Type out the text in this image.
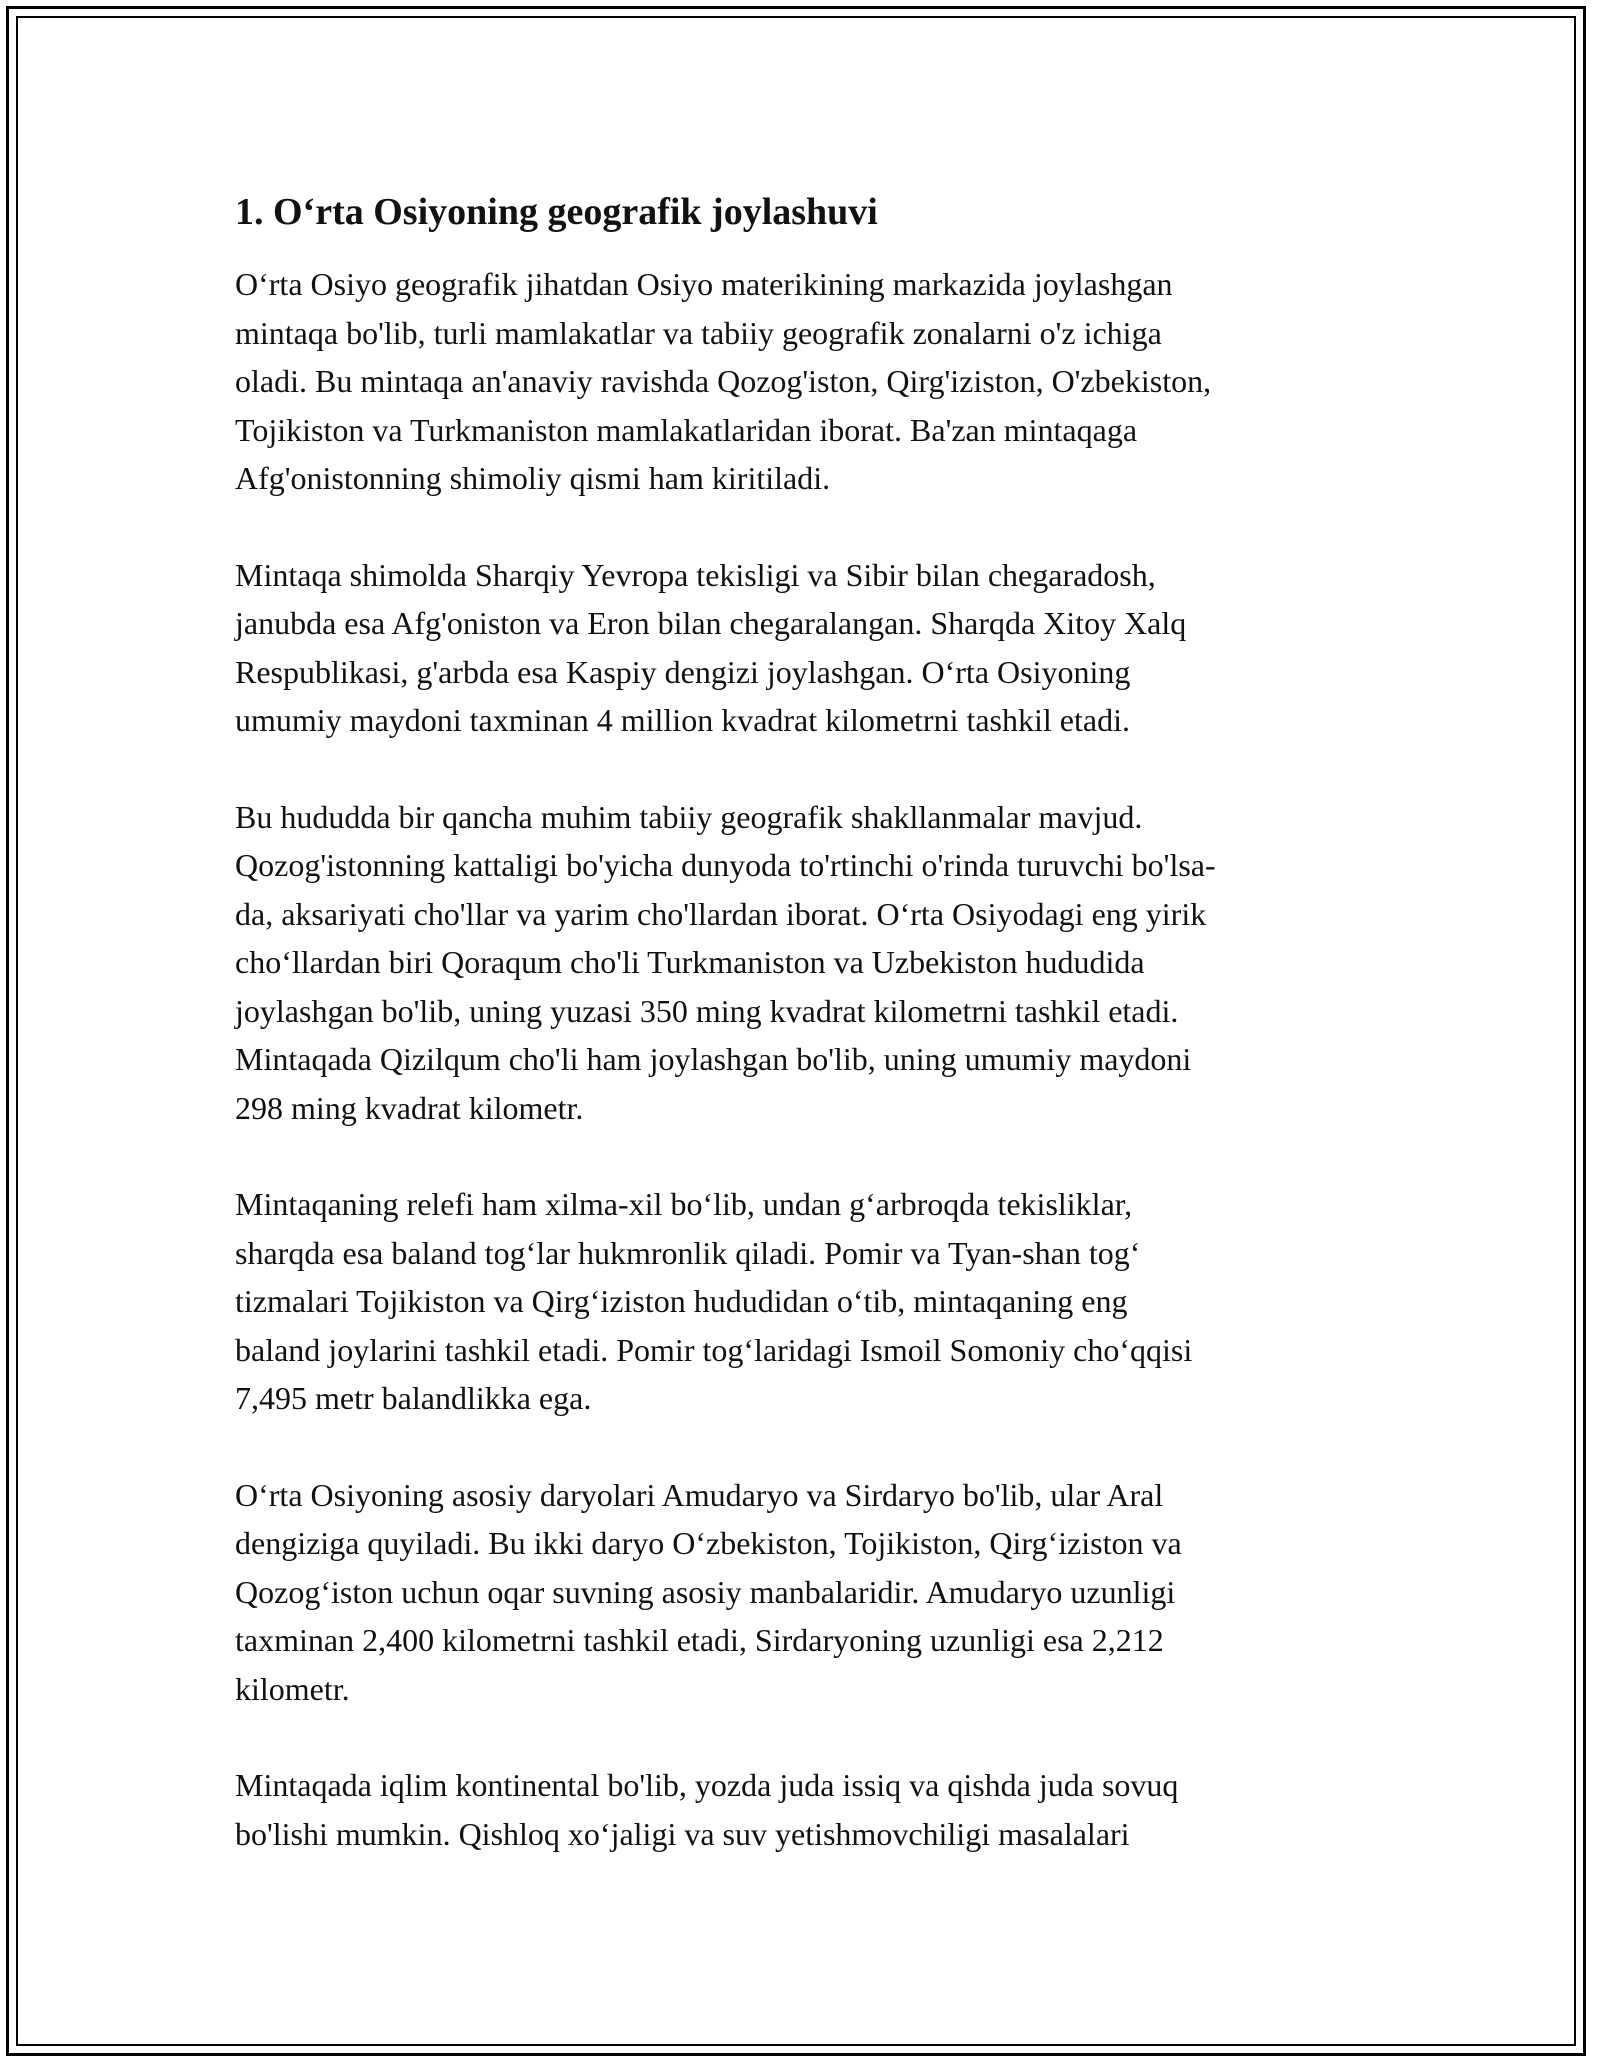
1. O‘rta Osiyoning geografik joylashuvi

O‘rta Osiyo geografik jihatdan Osiyo materikining markazida joylashgan
mintaqa bo'lib, turli mamlakatlar va tabiiy geografik zonalarni o'z ichiga
oladi. Bu mintaqa an'anaviy ravishda Qozog'iston, Qirg'iziston, O'zbekiston,
Tojikiston va Turkmaniston mamlakatlaridan iborat. Ba'zan mintaqaga
Afg'onistonning shimoliy qismi ham kiritiladi.

Mintaqa shimolda Sharqiy Yevropa tekisligi va Sibir bilan chegaradosh,
janubda esa Afg'oniston va Eron bilan chegaralangan. Sharqda Xitoy Xalq
Respublikasi, g'arbda esa Kaspiy dengizi joylashgan. O‘rta Osiyoning
umumiy maydoni taxminan 4 million kvadrat kilometrni tashkil etadi.

Bu hududda bir qancha muhim tabiiy geografik shakllanmalar mavjud.
Qozog'istonning kattaligi bo'yicha dunyoda to'rtinchi o'rinda turuvchi bo'lsa-
da, aksariyati cho'llar va yarim cho'llardan iborat. O‘rta Osiyodagi eng yirik
cho‘llardan biri Qoraqum cho'li Turkmaniston va Uzbekiston hududida
joylashgan bo'lib, uning yuzasi 350 ming kvadrat kilometrni tashkil etadi.
Mintaqada Qizilqum cho'li ham joylashgan bo'lib, uning umumiy maydoni
298 ming kvadrat kilometr.

Mintaqaning relefi ham xilma-xil bo‘lib, undan g‘arbroqda tekisliklar,
sharqda esa baland tog‘lar hukmronlik qiladi. Pomir va Tyan-shan tog‘
tizmalari Tojikiston va Qirg‘iziston hududidan o‘tib, mintaqaning eng
baland joylarini tashkil etadi. Pomir tog‘laridagi Ismoil Somoniy cho‘qqisi
7,495 metr balandlikka ega.

O‘rta Osiyoning asosiy daryolari Amudaryo va Sirdaryo bo'lib, ular Aral
dengiziga quyiladi. Bu ikki daryo O‘zbekiston, Tojikiston, Qirg‘iziston va
Qozog‘iston uchun oqar suvning asosiy manbalaridir. Amudaryo uzunligi
taxminan 2,400 kilometrni tashkil etadi, Sirdaryoning uzunligi esa 2,212
kilometr.

Mintaqada iqlim kontinental bo'lib, yozda juda issiq va qishda juda sovuq
bo'lishi mumkin. Qishloq xo‘jaligi va suv yetishmovchiligi masalalari
